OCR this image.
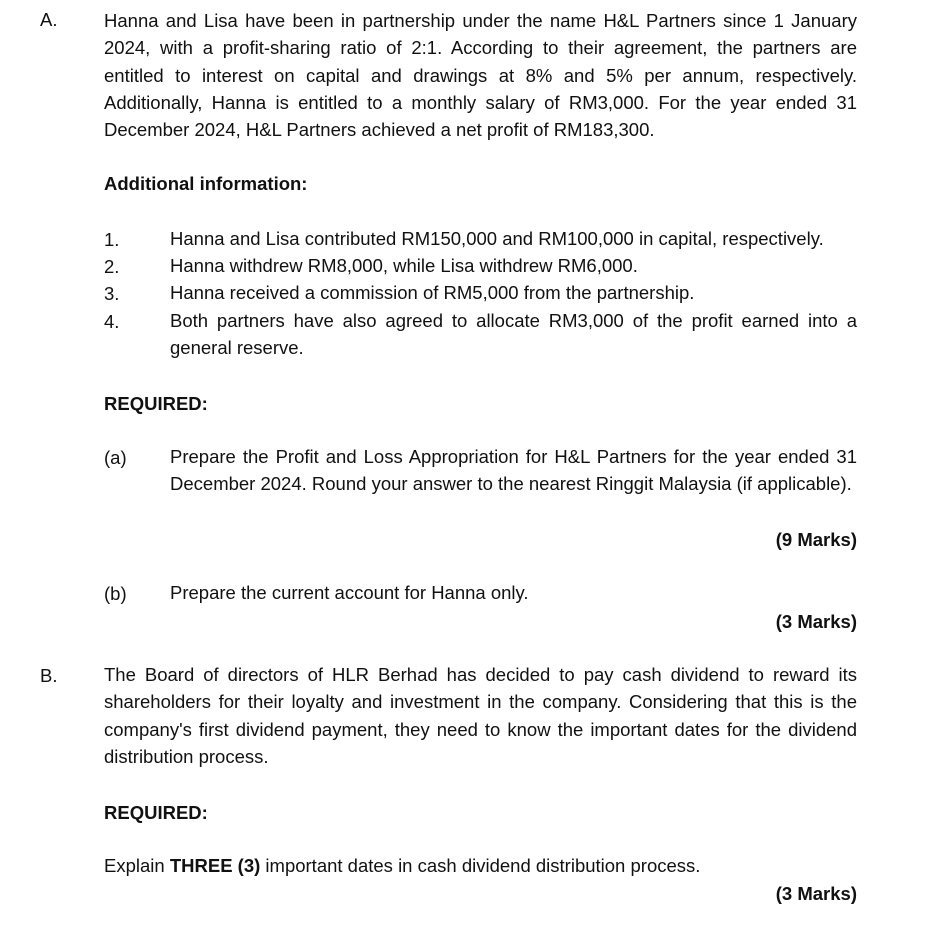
A.	Hanna and Lisa have been in partnership under the name H&L Partners since 1 January 2024, with a profit-sharing ratio of 2:1. According to their agreement, the partners are entitled to interest on capital and drawings at 8% and 5% per annum, respectively. Additionally, Hanna is entitled to a monthly salary of RM3,000. For the year ended 31 December 2024, H&L Partners achieved a net profit of RM183,300.
Additional information:
1.	Hanna and Lisa contributed RM150,000 and RM100,000 in capital, respectively.
2.	Hanna withdrew RM8,000, while Lisa withdrew RM6,000.
3.	Hanna received a commission of RM5,000 from the partnership.
4.	Both partners have also agreed to allocate RM3,000 of the profit earned into a general reserve.
REQUIRED:
(a) Prepare the Profit and Loss Appropriation for H&L Partners for the year ended 31 December 2024. Round your answer to the nearest Ringgit Malaysia (if applicable).
(9 Marks)
(b) Prepare the current account for Hanna only.
(3 Marks)
B.	The Board of directors of HLR Berhad has decided to pay cash dividend to reward its shareholders for their loyalty and investment in the company. Considering that this is the company's first dividend payment, they need to know the important dates for the dividend distribution process.
REQUIRED:
Explain THREE (3) important dates in cash dividend distribution process.
(3 Marks)
